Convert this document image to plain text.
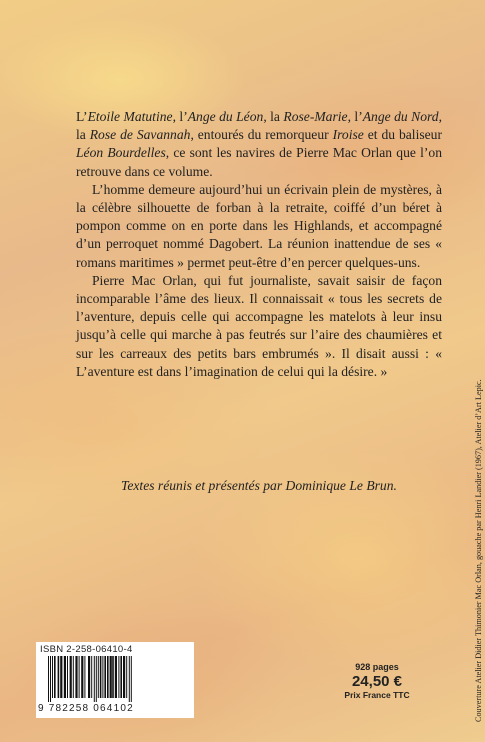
L’Etoile Matutine, l’Ange du Léon, la Rose-Marie, l’Ange du Nord, la Rose de Savannah, entourés du remorqueur Iroise et du baliseur Léon Bourdelles, ce sont les navires de Pierre Mac Orlan que l’on retrouve dans ce volume.

L’homme demeure aujourd’hui un écrivain plein de mystères, à la célèbre silhouette de forban à la retraite, coiffé d’un béret à pompon comme on en porte dans les Highlands, et accompagné d’un perroquet nommé Dagobert. La réunion inattendue de ses « romans maritimes » permet peut-être d’en percer quelques-uns.

Pierre Mac Orlan, qui fut journaliste, savait saisir de façon incomparable l’âme des lieux. Il connaissait « tous les secrets de l’aventure, depuis celle qui accompagne les matelots à leur insu jusqu’à celle qui marche à pas feutrés sur l’aire des chaumières et sur les carreaux des petits bars embrumés ». Il disait aussi : « L’aventure est dans l’imagination de celui qui la désire. »

Textes réunis et présentés par Dominique Le Brun.
ISBN 2-258-06410-4
9 782258 064102
928 pages
24,50 €
Prix France TTC	Couverture Atelier Didier Thimonier Mac Orlan, gouache par Henri Landier (1967), Atelier d’Art Lepic.
